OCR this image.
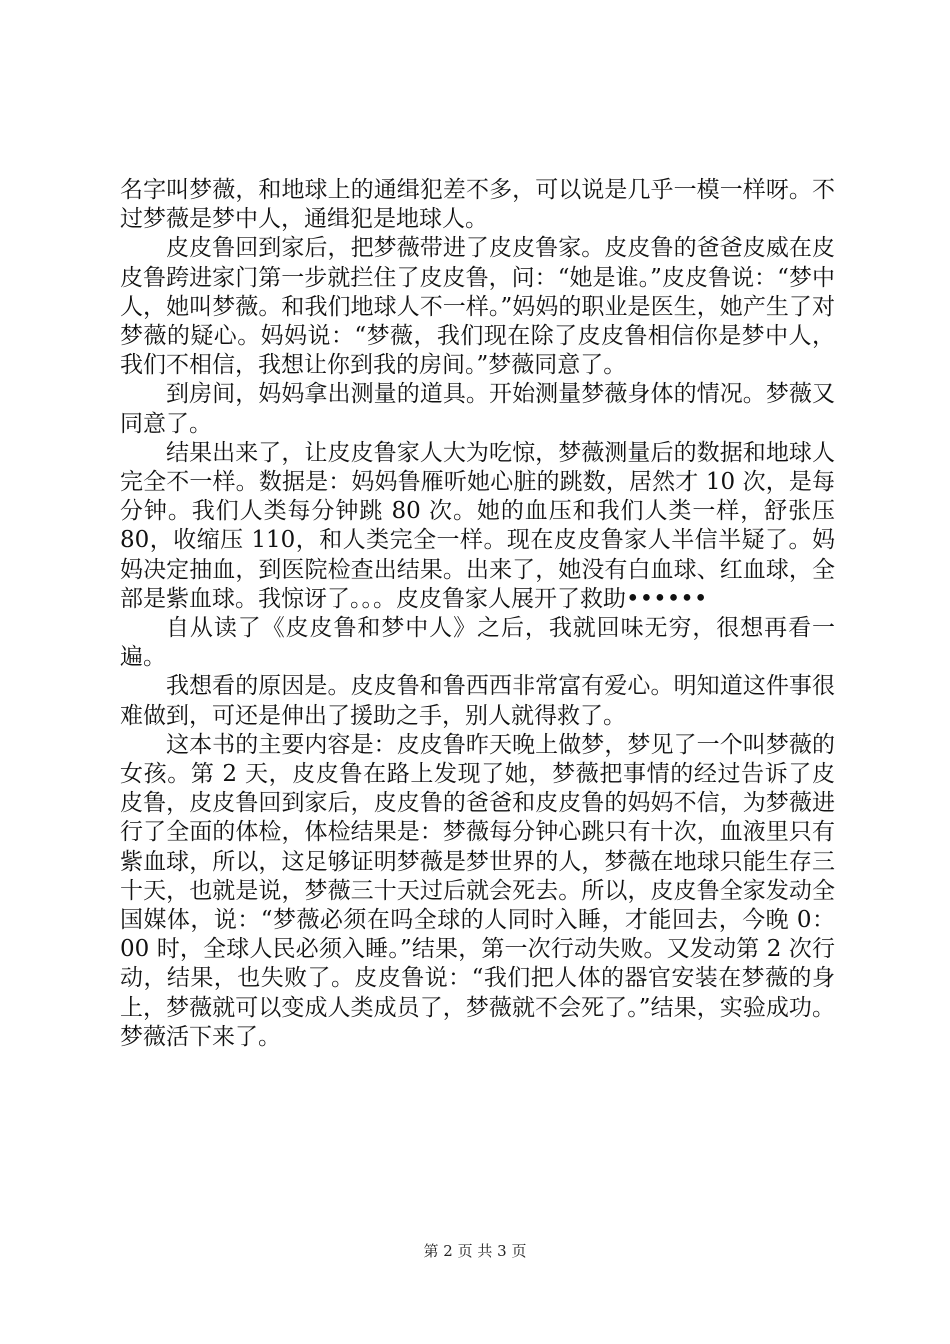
名字叫梦薇，和地球上的通缉犯差不多，可以说是几乎一模一样呀。不过梦薇是梦中人，通缉犯是地球人。

皮皮鲁回到家后，把梦薇带进了皮皮鲁家。皮皮鲁的爸爸皮威在皮皮鲁跨进家门第一步就拦住了皮皮鲁，问：“她是谁。”皮皮鲁说：“梦中人，她叫梦薇。和我们地球人不一样。”妈妈的职业是医生，她产生了对梦薇的疑心。妈妈说：“梦薇，我们现在除了皮皮鲁相信你是梦中人，我们不相信，我想让你到我的房间。”梦薇同意了。

到房间，妈妈拿出测量的道具。开始测量梦薇身体的情况。梦薇又同意了。

结果出来了，让皮皮鲁家人大为吃惊，梦薇测量后的数据和地球人完全不一样。数据是：妈妈鲁雁听她心脏的跳数，居然才 10 次，是每分钟。我们人类每分钟跳 80 次。她的血压和我们人类一样，舒张压 80，收缩压 110，和人类完全一样。现在皮皮鲁家人半信半疑了。妈妈决定抽血，到医院检查出结果。出来了，她没有白血球、红血球，全部是紫血球。我惊讶了。。。皮皮鲁家人展开了救助••••••

自从读了《皮皮鲁和梦中人》之后，我就回味无穷，很想再看一遍。

我想看的原因是。皮皮鲁和鲁西西非常富有爱心。明知道这件事很难做到，可还是伸出了援助之手，别人就得救了。

这本书的主要内容是：皮皮鲁昨天晚上做梦，梦见了一个叫梦薇的女孩。第 2 天，皮皮鲁在路上发现了她，梦薇把事情的经过告诉了皮皮鲁，皮皮鲁回到家后，皮皮鲁的爸爸和皮皮鲁的妈妈不信，为梦薇进行了全面的体检，体检结果是：梦薇每分钟心跳只有十次，血液里只有紫血球，所以，这足够证明梦薇是梦世界的人，梦薇在地球只能生存三十天，也就是说，梦薇三十天过后就会死去。所以，皮皮鲁全家发动全国媒体，说：“梦薇必须在吗全球的人同时入睡，才能回去，今晚 0：00 时，全球人民必须入睡。”结果，第一次行动失败。又发动第 2 次行动，结果，也失败了。皮皮鲁说：“我们把人体的器官安装在梦薇的身上，梦薇就可以变成人类成员了，梦薇就不会死了。”结果，实验成功。梦薇活下来了。

第 2 页 共 3 页
